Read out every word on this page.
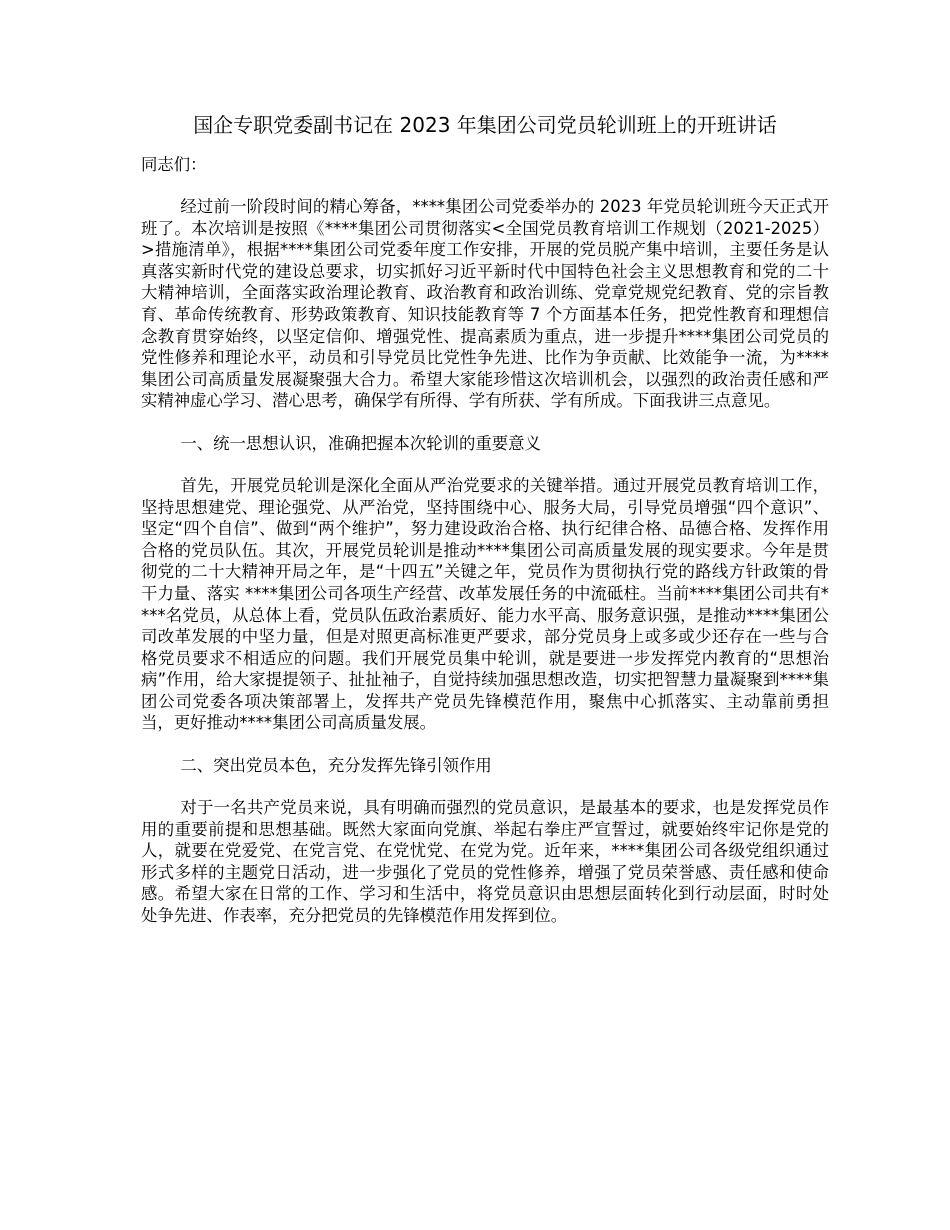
国企专职党委副书记在 2023 年集团公司党员轮训班上的开班讲话

同志们：

经过前一阶段时间的精心筹备，****集团公司党委举办的 2023 年党员轮训班今天正式开班了。本次培训是按照《****集团公司贯彻落实<全国党员教育培训工作规划（2021-2025）>措施清单》，根据****集团公司党委年度工作安排，开展的党员脱产集中培训，主要任务是认真落实新时代党的建设总要求，切实抓好习近平新时代中国特色社会主义思想教育和党的二十大精神培训，全面落实政治理论教育、政治教育和政治训练、党章党规党纪教育、党的宗旨教育、革命传统教育、形势政策教育、知识技能教育等 7 个方面基本任务，把党性教育和理想信念教育贯穿始终，以坚定信仰、增强党性、提高素质为重点，进一步提升****集团公司党员的党性修养和理论水平，动员和引导党员比党性争先进、比作为争贡献、比效能争一流，为****集团公司高质量发展凝聚强大合力。希望大家能珍惜这次培训机会，以强烈的政治责任感和严实精神虚心学习、潜心思考，确保学有所得、学有所获、学有所成。下面我讲三点意见。

一、统一思想认识，准确把握本次轮训的重要意义

首先，开展党员轮训是深化全面从严治党要求的关键举措。通过开展党员教育培训工作，坚持思想建党、理论强党、从严治党，坚持围绕中心、服务大局，引导党员增强“四个意识”、坚定“四个自信”、做到“两个维护”，努力建设政治合格、执行纪律合格、品德合格、发挥作用合格的党员队伍。其次，开展党员轮训是推动****集团公司高质量发展的现实要求。今年是贯彻党的二十大精神开局之年，是“十四五”关键之年，党员作为贯彻执行党的路线方针政策的骨干力量、落实 ****集团公司各项生产经营、改革发展任务的中流砥柱。当前****集团公司共有****名党员，从总体上看，党员队伍政治素质好、能力水平高、服务意识强，是推动****集团公司改革发展的中坚力量，但是对照更高标准更严要求，部分党员身上或多或少还存在一些与合格党员要求不相适应的问题。我们开展党员集中轮训，就是要进一步发挥党内教育的“思想治病”作用，给大家提提领子、扯扯袖子，自觉持续加强思想改造，切实把智慧力量凝聚到****集团公司党委各项决策部署上，发挥共产党员先锋模范作用，聚焦中心抓落实、主动靠前勇担当，更好推动****集团公司高质量发展。

二、突出党员本色，充分发挥先锋引领作用

对于一名共产党员来说，具有明确而强烈的党员意识，是最基本的要求，也是发挥党员作用的重要前提和思想基础。既然大家面向党旗、举起右拳庄严宣誓过，就要始终牢记你是党的人，就要在党爱党、在党言党、在党忧党、在党为党。近年来，****集团公司各级党组织通过形式多样的主题党日活动，进一步强化了党员的党性修养，增强了党员荣誉感、责任感和使命感。希望大家在日常的工作、学习和生活中，将党员意识由思想层面转化到行动层面，时时处处争先进、作表率，充分把党员的先锋模范作用发挥到位。
